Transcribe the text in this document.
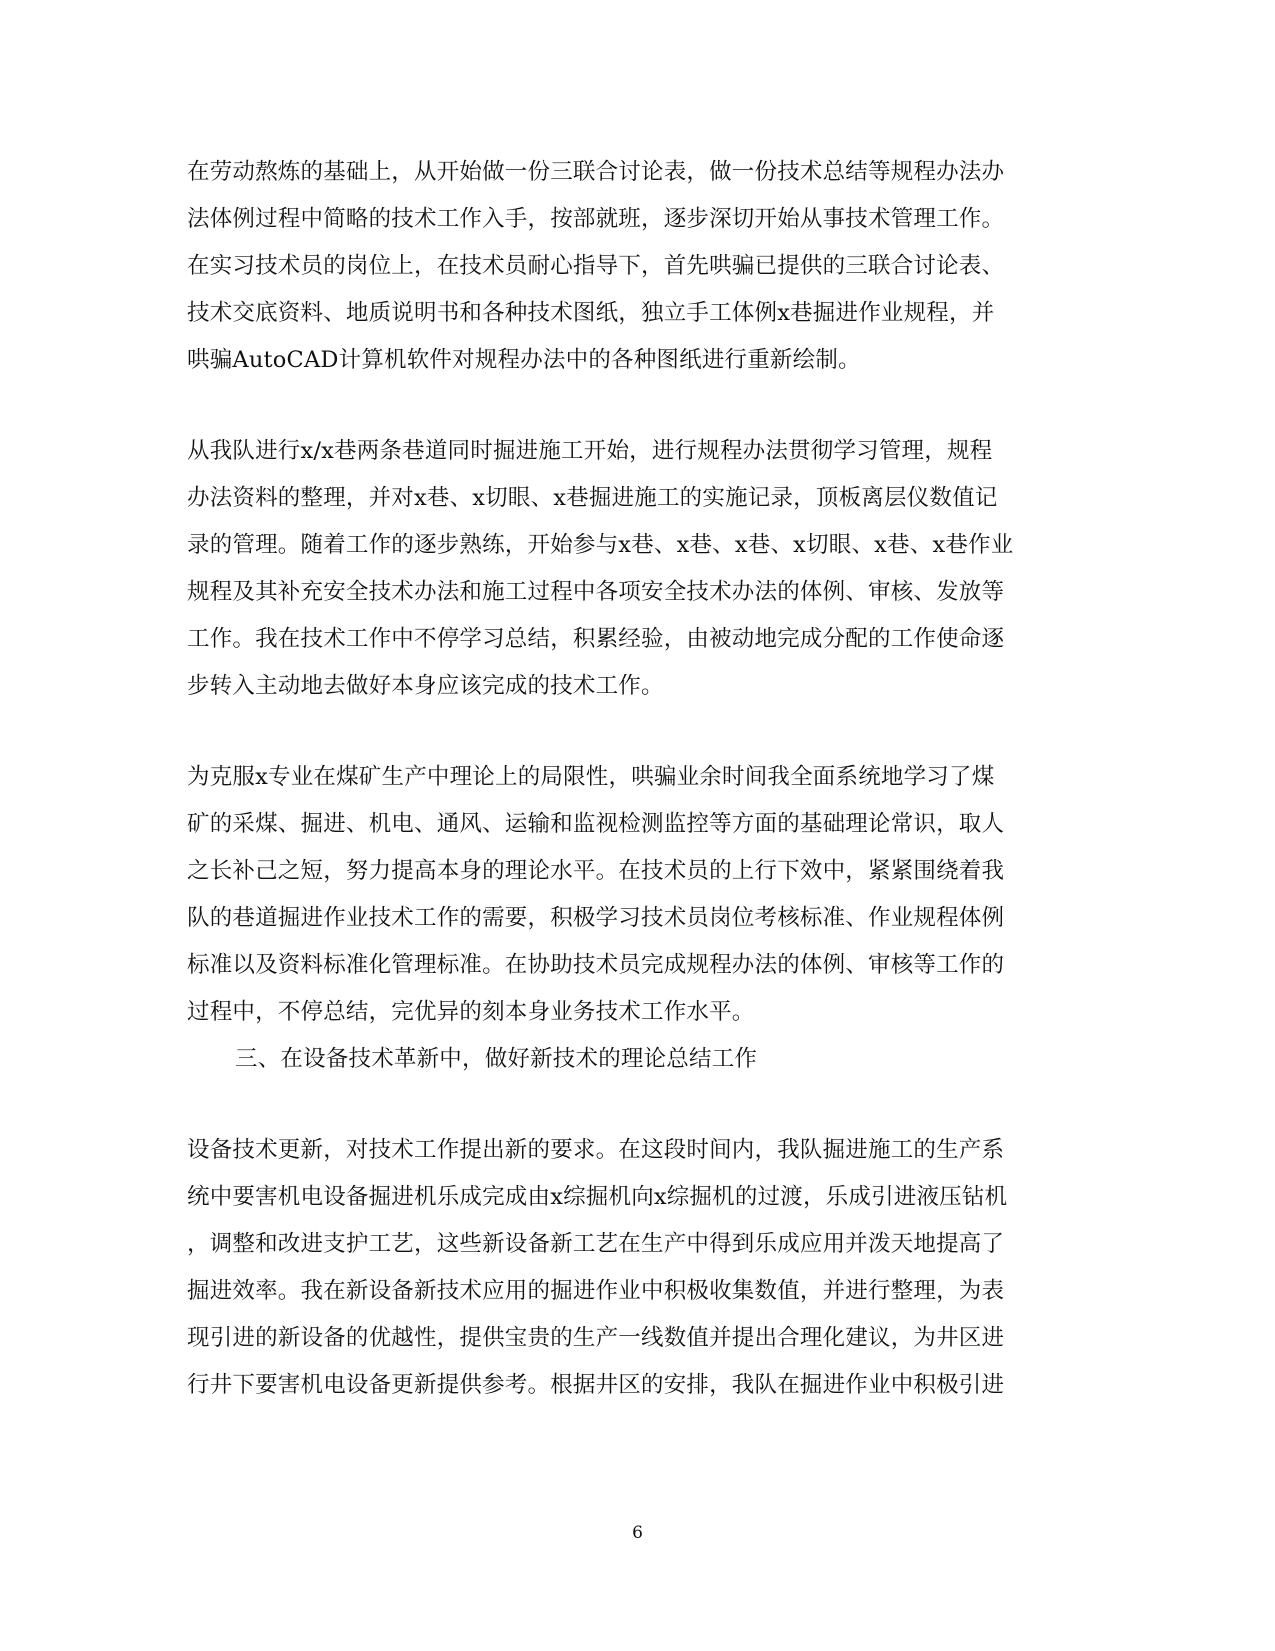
在劳动熬炼的基础上，从开始做一份三联合讨论表，做一份技术总结等规程办法办
法体例过程中简略的技术工作入手，按部就班，逐步深切开始从事技术管理工作。
在实习技术员的岗位上，在技术员耐心指导下，首先哄骗已提供的三联合讨论表、
技术交底资料、地质说明书和各种技术图纸，独立手工体例x巷掘进作业规程，并
哄骗AutoCAD计算机软件对规程办法中的各种图纸进行重新绘制。
从我队进行x/x巷两条巷道同时掘进施工开始，进行规程办法贯彻学习管理，规程
办法资料的整理，并对x巷、x切眼、x巷掘进施工的实施记录，顶板离层仪数值记
录的管理。随着工作的逐步熟练，开始参与x巷、x巷、x巷、x切眼、x巷、x巷作业
规程及其补充安全技术办法和施工过程中各项安全技术办法的体例、审核、发放等
工作。我在技术工作中不停学习总结，积累经验，由被动地完成分配的工作使命逐
步转入主动地去做好本身应该完成的技术工作。
为克服x专业在煤矿生产中理论上的局限性，哄骗业余时间我全面系统地学习了煤
矿的采煤、掘进、机电、通风、运输和监视检测监控等方面的基础理论常识，取人
之长补己之短，努力提高本身的理论水平。在技术员的上行下效中，紧紧围绕着我
队的巷道掘进作业技术工作的需要，积极学习技术员岗位考核标准、作业规程体例
标准以及资料标准化管理标准。在协助技术员完成规程办法的体例、审核等工作的
过程中，不停总结，完优异的刻本身业务技术工作水平。
三、在设备技术革新中，做好新技术的理论总结工作
设备技术更新，对技术工作提出新的要求。在这段时间内，我队掘进施工的生产系
统中要害机电设备掘进机乐成完成由x综掘机向x综掘机的过渡，乐成引进液压钻机
，调整和改进支护工艺，这些新设备新工艺在生产中得到乐成应用并泼天地提高了
掘进效率。我在新设备新技术应用的掘进作业中积极收集数值，并进行整理，为表
现引进的新设备的优越性，提供宝贵的生产一线数值并提出合理化建议，为井区进
行井下要害机电设备更新提供参考。根据井区的安排，我队在掘进作业中积极引进
6
